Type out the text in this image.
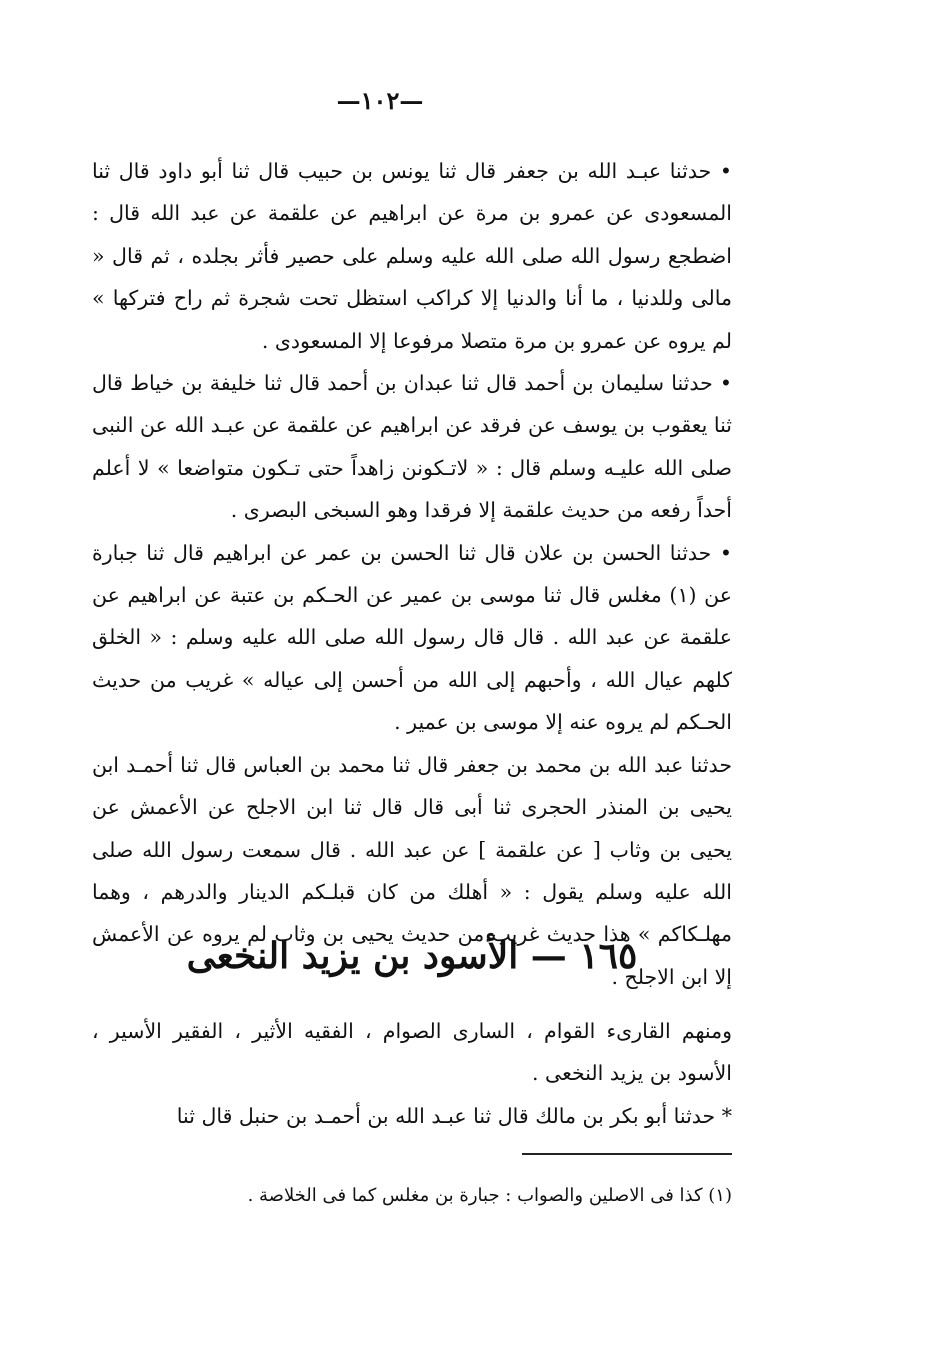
—١٠٢—

• حدثنا عبـد الله بن جعفر قال ثنا يونس بن حبيب قال ثنا أبو داود قال ثنا المسعودى عن عمرو بن مرة عن ابراهيم عن علقمة عن عبد الله قال : اضطجع رسول الله صلى الله عليه وسلم على حصير فأثر بجلده ، ثم قال « مالى وللدنيا ، ما أنا والدنيا إلا كراكب استظل تحت شجرة ثم راح فتركها » لم يروه عن عمرو بن مرة متصلا مرفوعا إلا المسعودى .

• حدثنا سليمان بن أحمد قال ثنا عبدان بن أحمد قال ثنا خليفة بن خياط قال ثنا يعقوب بن يوسف عن فرقد عن ابراهيم عن علقمة عن عبـد الله عن النبى صلى الله عليـه وسلم قال : « لاتـكونن زاهداً حتى تـكون متواضعا » لا أعلم أحداً رفعه من حديث علقمة إلا فرقدا وهو السبخى البصرى .

• حدثنا الحسن بن علان قال ثنا الحسن بن عمر عن ابراهيم قال ثنا جبارة عن (١) مغلس قال ثنا موسى بن عمير عن الحـكم بن عتبة عن ابراهيم عن علقمة عن عبد الله . قال قال رسول الله صلى الله عليه وسلم : « الخلق كلهم عيال الله ، وأحبهم إلى الله من أحسن إلى عياله » غريب من حديث الحـكم لم يروه عنه إلا موسى بن عمير .

حدثنا عبد الله بن محمد بن جعفر قال ثنا محمد بن العباس قال ثنا أحمـد ابن يحيى بن المنذر الحجرى ثنا أبى قال قال ثنا ابن الاجلح عن الأعمش عن يحيى بن وثاب [ عن علقمة ] عن عبد الله . قال سمعت رسول الله صلى الله عليه وسلم يقول : « أهلك من كان قبلـكم الدينار والدرهم ، وهما مهلـكاكم » هذا حديث غريب من حديث يحيى بن وثاب لم يروه عن الأعمش إلا ابن الاجلح .

١٦٥ — الأسود بن يزيد النخعى

ومنهم القارىء القوام ، السارى الصوام ، الفقيه الأثير ، الفقير الأسير ، الأسود بن يزيد النخعى .

* حدثنا أبو بكر بن مالك قال ثنا عبـد الله بن أحمـد بن حنبل قال ثنا

(١) كذا فى الاصلين والصواب : جبارة بن مغلس كما فى الخلاصة .
